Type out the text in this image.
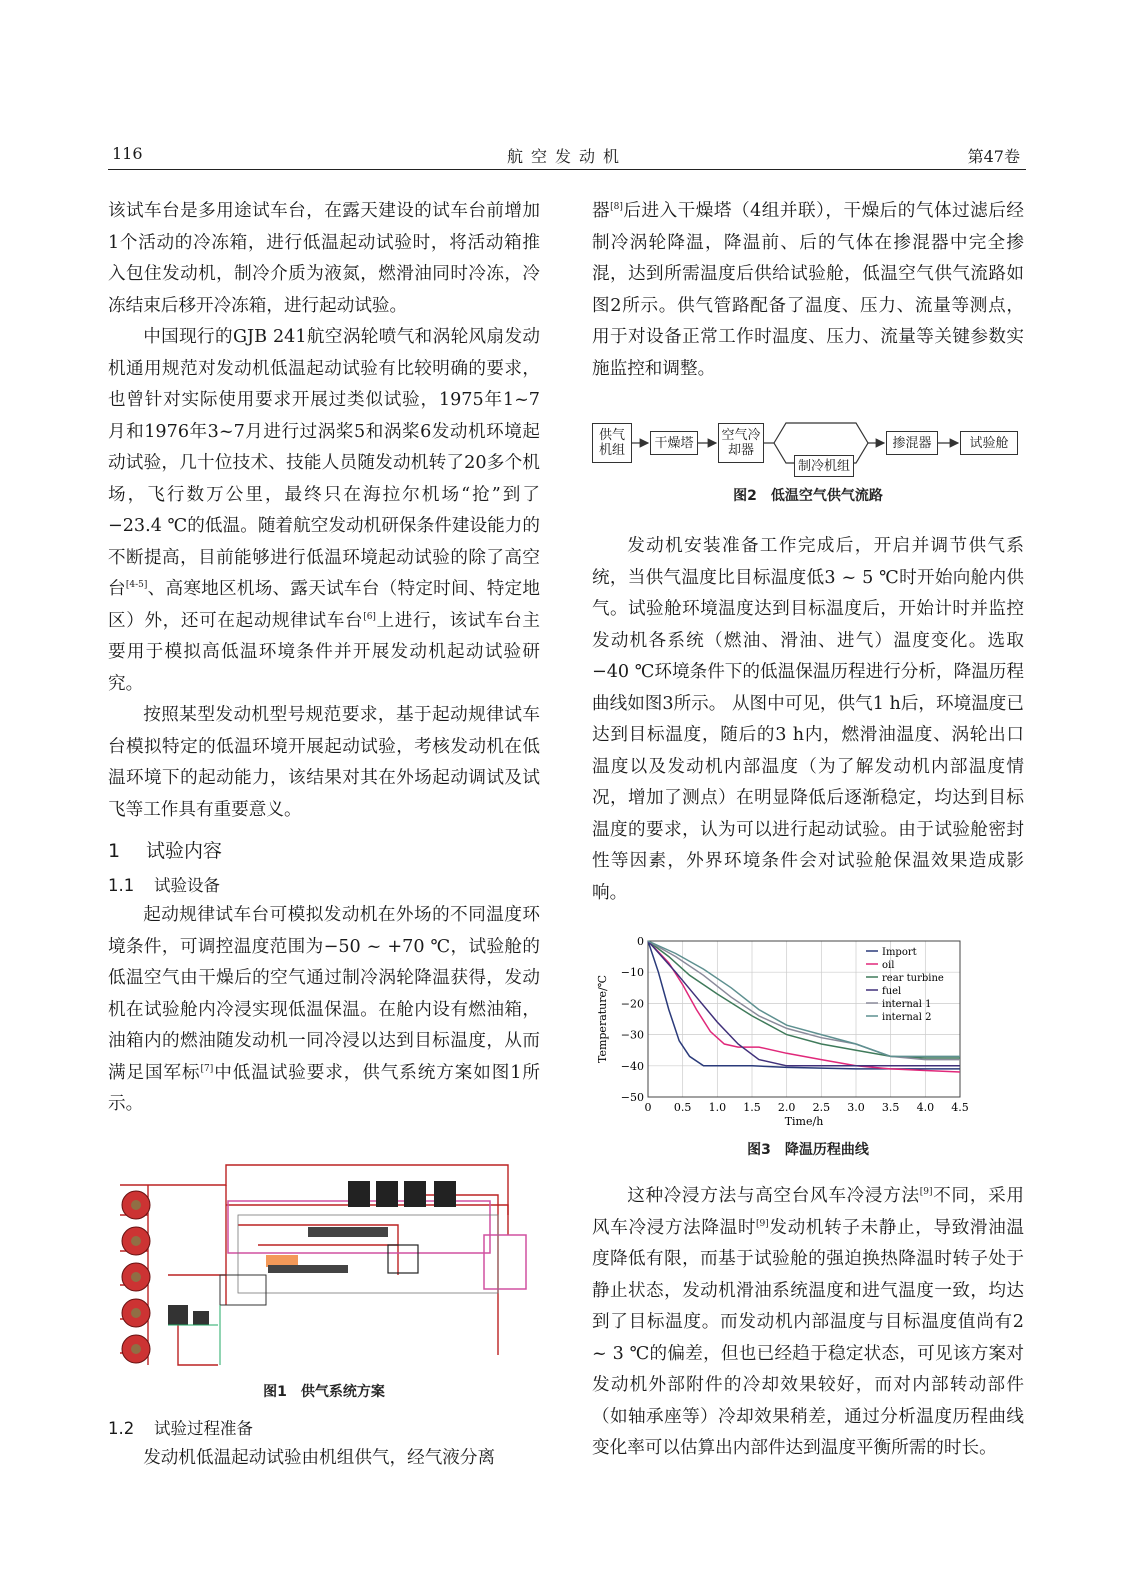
116	航空发动机	第47卷

该试车台是多用途试车台，在露天建设的试车台前增加1个活动的冷冻箱，进行低温起动试验时，将活动箱推入包住发动机，制冷介质为液氮，燃滑油同时冷冻，冷冻结束后移开冷冻箱，进行起动试验。

中国现行的GJB 241航空涡轮喷气和涡轮风扇发动机通用规范对发动机低温起动试验有比较明确的要求，也曾针对实际使用要求开展过类似试验，1975年1~7月和1976年3~7月进行过涡桨5和涡桨6发动机环境起动试验，几十位技术、技能人员随发动机转了20多个机场，飞行数万公里，最终只在海拉尔机场“抢”到了−23.4 ℃的低温。随着航空发动机研保条件建设能力的不断提高，目前能够进行低温环境起动试验的除了高空台[4-5]、高寒地区机场、露天试车台（特定时间、特定地区）外，还可在起动规律试车台[6]上进行，该试车台主要用于模拟高低温环境条件并开展发动机起动试验研究。

按照某型发动机型号规范要求，基于起动规律试车台模拟特定的低温环境开展起动试验，考核发动机在低温环境下的起动能力，该结果对其在外场起动调试及试飞等工作具有重要意义。

1 试验内容
1.1 试验设备

起动规律试车台可模拟发动机在外场的不同温度环境条件，可调控温度范围为−50 ~ +70 ℃，试验舱的低温空气由干燥后的空气通过制冷涡轮降温获得，发动机在试验舱内冷浸实现低温保温。在舱内设有燃油箱，油箱内的燃油随发动机一同冷浸以达到目标温度，从而满足国军标[7]中低温试验要求，供气系统方案如图1所示。

图1　供气系统方案
1.2 试验过程准备

发动机低温起动试验由机组供气，经气液分离

器[8]后进入干燥塔（4组并联），干燥后的气体过滤后经制冷涡轮降温，降温前、后的气体在掺混器中完全掺混，达到所需温度后供给试验舱，低温空气供气流路如图2所示。供气管路配备了温度、压力、流量等测点，用于对设备正常工作时温度、压力、流量等关键参数实施监控和调整。

供气机组	干燥塔	空气冷却器
制冷机组
掺混器	试验舱
图2　低温空气供气流路

发动机安装准备工作完成后，开启并调节供气系统，当供气温度比目标温度低3 ~ 5 ℃时开始向舱内供气。试验舱环境温度达到目标温度后，开始计时并监控发动机各系统（燃油、滑油、进气）温度变化。选取−40 ℃环境条件下的低温保温历程进行分析，降温历程曲线如图3所示。 从图中可见，供气1 h后，环境温度已达到目标温度，随后的3 h内，燃滑油温度、涡轮出口温度以及发动机内部温度（为了解发动机内部温度情况，增加了测点）在明显降低后逐渐稳定，均达到目标温度的要求，认为可以进行起动试验。由于试验舱密封性等因素，外界环境条件会对试验舱保温效果造成影响。

0
−10
−20
−30
−40
−50
0 0.5 1.0 1.5 2.0 2.5 3.0 3.5 4.0 4.5
Time/h
Temperature/℃
Import
oil
rear turbine
fuel
internal 1
internal 2
图3　降温历程曲线

这种冷浸方法与高空台风车冷浸方法[9]不同，采用风车冷浸方法降温时[9]发动机转子未静止，导致滑油温度降低有限，而基于试验舱的强迫换热降温时转子处于静止状态，发动机滑油系统温度和进气温度一致，均达到了目标温度。而发动机内部温度与目标温度值尚有2 ~ 3 ℃的偏差，但也已经趋于稳定状态，可见该方案对发动机外部附件的冷却效果较好，而对内部转动部件（如轴承座等）冷却效果稍差，通过分析温度历程曲线变化率可以估算出内部件达到温度平衡所需的时长。
